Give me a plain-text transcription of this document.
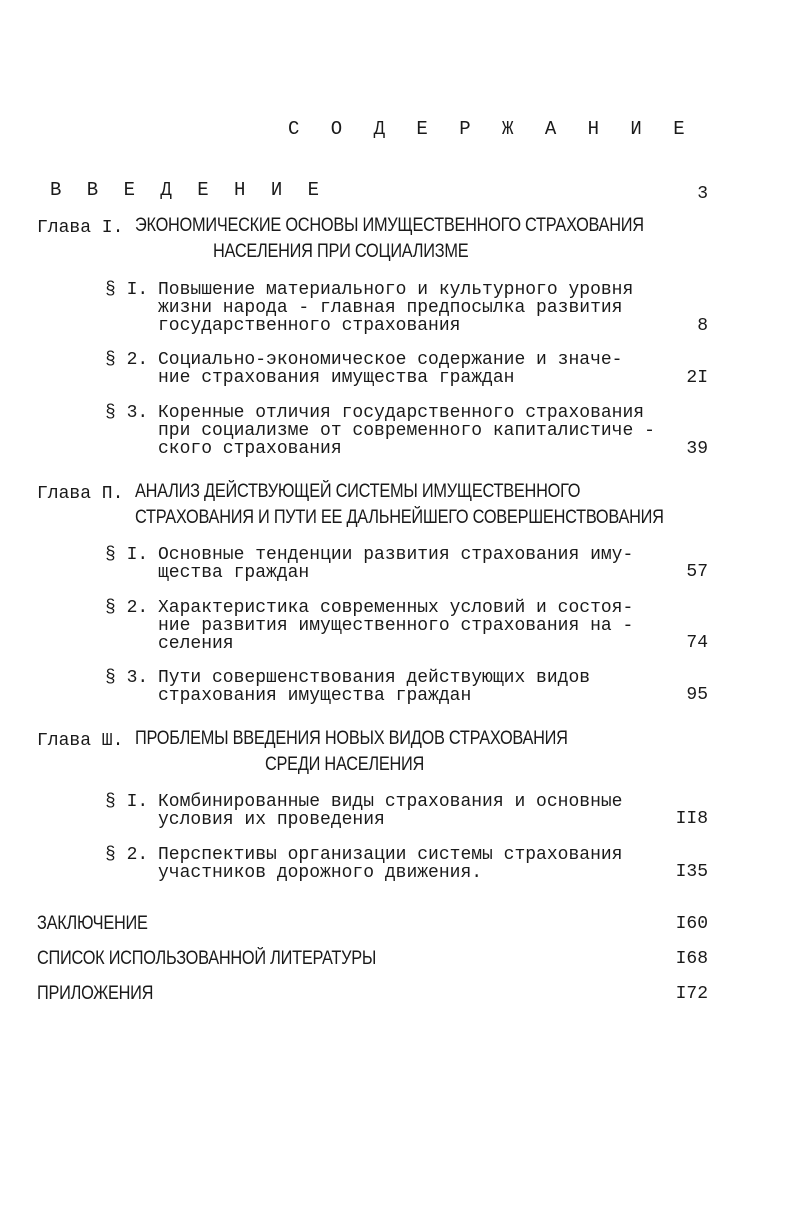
С О Д Е Р Ж А Н И Е
В В Е Д Е Н И Е	3
Глава I. ЭКОНОМИЧЕСКИЕ ОСНОВЫ ИМУЩЕСТВЕННОГО СТРАХОВАНИЯ
НАСЕЛЕНИЯ ПРИ СОЦИАЛИЗМЕ
§ I. Повышение материального и культурного уровня
жизни народа - главная предпосылка развития
государственного страхования	8
§ 2. Социально-экономическое содержание и значе-
ние страхования имущества граждан	2I
§ 3. Коренные отличия государственного страхования
при социализме от современного капиталистиче -
ского страхования	39
Глава П. АНАЛИЗ ДЕЙСТВУЮЩЕЙ СИСТЕМЫ ИМУЩЕСТВЕННОГО
СТРАХОВАНИЯ И ПУТИ ЕЕ ДАЛЬНЕЙШЕГО СОВЕРШЕНСТВОВАНИЯ
§ I. Основные тенденции развития страхования иму-
щества граждан	57
§ 2. Характеристика современных условий и состоя-
ние развития имущественного страхования на -
селения	74
§ 3. Пути совершенствования действующих видов
страхования имущества граждан	95
Глава Ш. ПРОБЛЕМЫ ВВЕДЕНИЯ НОВЫХ ВИДОВ СТРАХОВАНИЯ
СРЕДИ НАСЕЛЕНИЯ
§ I. Комбинированные виды страхования и основные
условия их проведения	II8
§ 2. Перспективы организации системы страхования
участников дорожного движения.	I35
ЗАКЛЮЧЕНИЕ	I60
СПИСОК ИСПОЛЬЗОВАННОЙ ЛИТЕРАТУРЫ	I68
ПРИЛОЖЕНИЯ	I72
